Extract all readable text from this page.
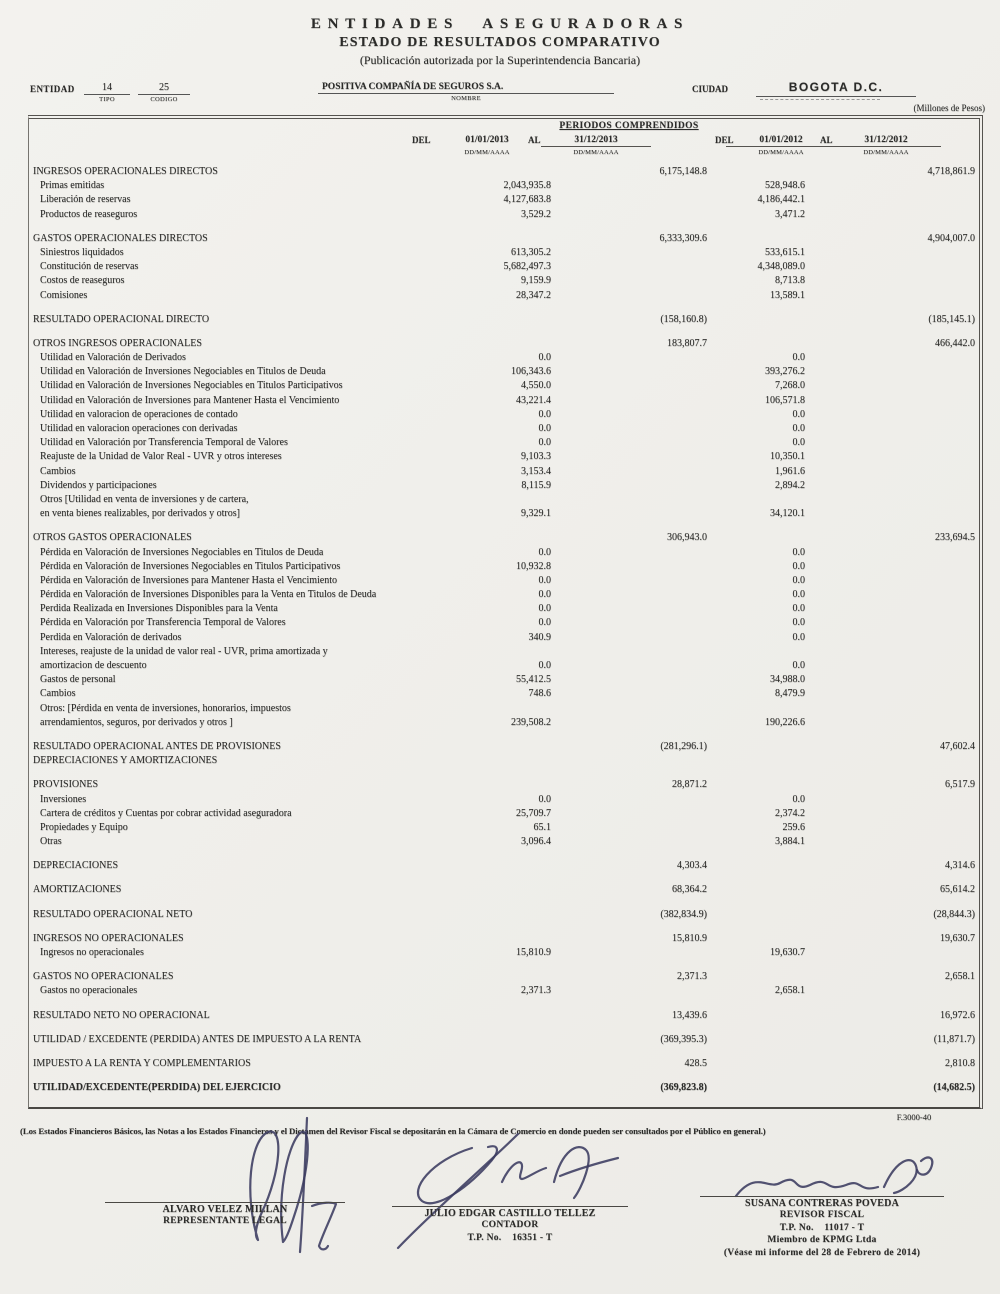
ENTIDADES ASEGURADORAS
ESTADO DE RESULTADOS COMPARATIVO
(Publicación autorizada por la Superintendencia Bancaria)
ENTIDAD	14
TIPO
25
CODIGO
POSITIVA COMPAÑÍA DE SEGUROS S.A.
NOMBRE
CIUDAD	BOGOTA D.C.
(Millones de Pesos)
PERIODOS COMPRENDIDOS
DEL	01/01/2013	AL	31/12/2013	DEL	01/01/2012	AL	31/12/2012
DD/MM/AAAA	DD/MM/AAAA	DD/MM/AAAA	DD/MM/AAAA
INGRESOS OPERACIONALES DIRECTOS	6,175,148.8	4,718,861.9
Primas emitidas	2,043,935.8	528,948.6
Liberación de reservas	4,127,683.8	4,186,442.1
Productos de reaseguros	3,529.2	3,471.2
GASTOS OPERACIONALES DIRECTOS	6,333,309.6	4,904,007.0
Siniestros liquidados	613,305.2	533,615.1
Constitución de reservas	5,682,497.3	4,348,089.0
Costos de reaseguros	9,159.9	8,713.8
Comisiones	28,347.2	13,589.1
RESULTADO OPERACIONAL DIRECTO	(158,160.8)	(185,145.1)
OTROS INGRESOS OPERACIONALES	183,807.7	466,442.0
Utilidad en Valoración de Derivados	0.0	0.0
Utilidad en Valoración de Inversiones Negociables en Titulos de Deuda	106,343.6	393,276.2
Utilidad en Valoración de Inversiones Negociables en Titulos Participativos	4,550.0	7,268.0
Utilidad en Valoración de Inversiones para Mantener Hasta el Vencimiento	43,221.4	106,571.8
Utilidad en valoracion de operaciones de contado	0.0	0.0
Utilidad en valoracion operaciones con derivadas	0.0	0.0
Utilidad en Valoración por Transferencia Temporal de Valores	0.0	0.0
Reajuste de la Unidad de Valor Real - UVR y otros intereses	9,103.3	10,350.1
Cambios	3,153.4	1,961.6
Dividendos y participaciones	8,115.9	2,894.2
Otros [Utilidad en venta de inversiones y de cartera,
en venta bienes realizables, por derivados y otros]	9,329.1	34,120.1
OTROS GASTOS OPERACIONALES	306,943.0	233,694.5
Pérdida en Valoración de Inversiones Negociables en Titulos de Deuda	0.0	0.0
Pérdida en Valoración de Inversiones Negociables en Titulos Participativos	10,932.8	0.0
Pérdida en Valoración de Inversiones para Mantener Hasta el Vencimiento	0.0	0.0
Pérdida en Valoración de Inversiones Disponibles para la Venta en Titulos de Deuda	0.0	0.0
Perdida Realizada en Inversiones Disponibles para la Venta	0.0	0.0
Pérdida en Valoración por Transferencia Temporal de Valores	0.0	0.0
Perdida en Valoración de derivados	340.9	0.0
Intereses, reajuste de la unidad de valor real - UVR, prima amortizada y
amortizacion de descuento	0.0	0.0
Gastos de personal	55,412.5	34,988.0
Cambios	748.6	8,479.9
Otros: [Pérdida en venta de inversiones, honorarios, impuestos
arrendamientos, seguros, por derivados y otros ]	239,508.2	190,226.6
RESULTADO OPERACIONAL ANTES DE PROVISIONES	(281,296.1)	47,602.4
DEPRECIACIONES Y AMORTIZACIONES
PROVISIONES	28,871.2	6,517.9
Inversiones	0.0	0.0
Cartera de créditos y Cuentas por cobrar actividad aseguradora	25,709.7	2,374.2
Propiedades y Equipo	65.1	259.6
Otras	3,096.4	3,884.1
DEPRECIACIONES	4,303.4	4,314.6
AMORTIZACIONES	68,364.2	65,614.2
RESULTADO OPERACIONAL NETO	(382,834.9)	(28,844.3)
INGRESOS NO OPERACIONALES	15,810.9	19,630.7
Ingresos no operacionales	15,810.9	19,630.7
GASTOS NO OPERACIONALES	2,371.3	2,658.1
Gastos no operacionales	2,371.3	2,658.1
RESULTADO NETO NO OPERACIONAL	13,439.6	16,972.6
UTILIDAD / EXCEDENTE (PERDIDA) ANTES DE IMPUESTO A LA RENTA	(369,395.3)	(11,871.7)
IMPUESTO A LA RENTA Y COMPLEMENTARIOS	428.5	2,810.8
UTILIDAD/EXCEDENTE(PERDIDA) DEL EJERCICIO	(369,823.8)	(14,682.5)
F.3000-40
(Los Estados Financieros Básicos, las Notas a los Estados Financieros y el Dictamen del Revisor Fiscal se depositarán en la Cámara de Comercio en donde pueden ser consultados por el Público en general.)
ALVARO VELEZ MILLAN
REPRESENTANTE LEGAL
JULIO EDGAR CASTILLO TELLEZ
CONTADOR
T.P. No.    16351 - T
SUSANA CONTRERAS POVEDA
REVISOR FISCAL
T.P. No.    11017 - T
Miembro de KPMG Ltda
(Véase mi informe del 28 de Febrero de 2014)
